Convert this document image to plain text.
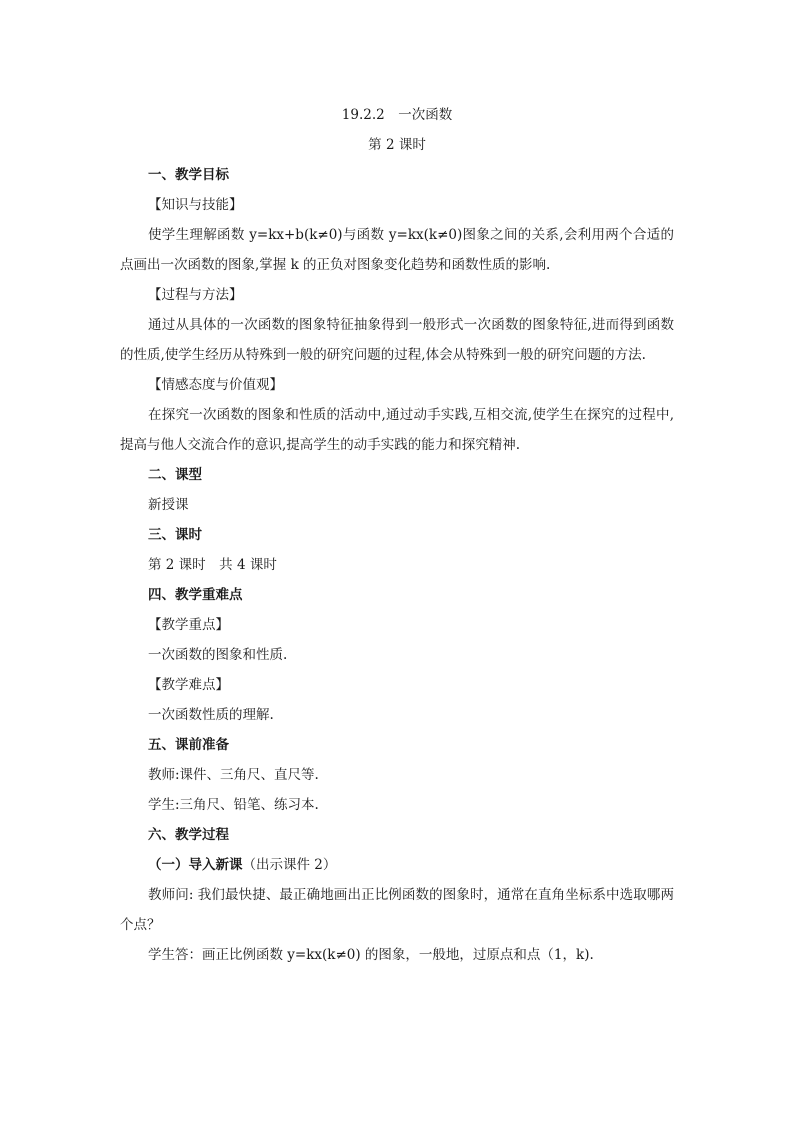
19.2.2　一次函数

第 2 课时

一、教学目标

【知识与技能】

使学生理解函数 y=kx+b(k≠0)与函数 y=kx(k≠0)图象之间的关系,会利用两个合适的点画出一次函数的图象,掌握 k 的正负对图象变化趋势和函数性质的影响.

【过程与方法】

通过从具体的一次函数的图象特征抽象得到一般形式一次函数的图象特征,进而得到函数的性质,使学生经历从特殊到一般的研究问题的过程,体会从特殊到一般的研究问题的方法.

【情感态度与价值观】

在探究一次函数的图象和性质的活动中,通过动手实践,互相交流,使学生在探究的过程中,提高与他人交流合作的意识,提高学生的动手实践的能力和探究精神.

二、课型

新授课

三、课时

第 2 课时　共 4 课时

四、教学重难点

【教学重点】

一次函数的图象和性质.

【教学难点】

一次函数性质的理解.

五、课前准备

教师:课件、三角尺、直尺等.

学生:三角尺、铅笔、练习本.

六、教学过程

（一）导入新课（出示课件 2）

教师问: 我们最快捷、最正确地画出正比例函数的图象时，通常在直角坐标系中选取哪两个点？

学生答：画正比例函数 y=kx(k≠0) 的图象，一般地，过原点和点（1，k).
